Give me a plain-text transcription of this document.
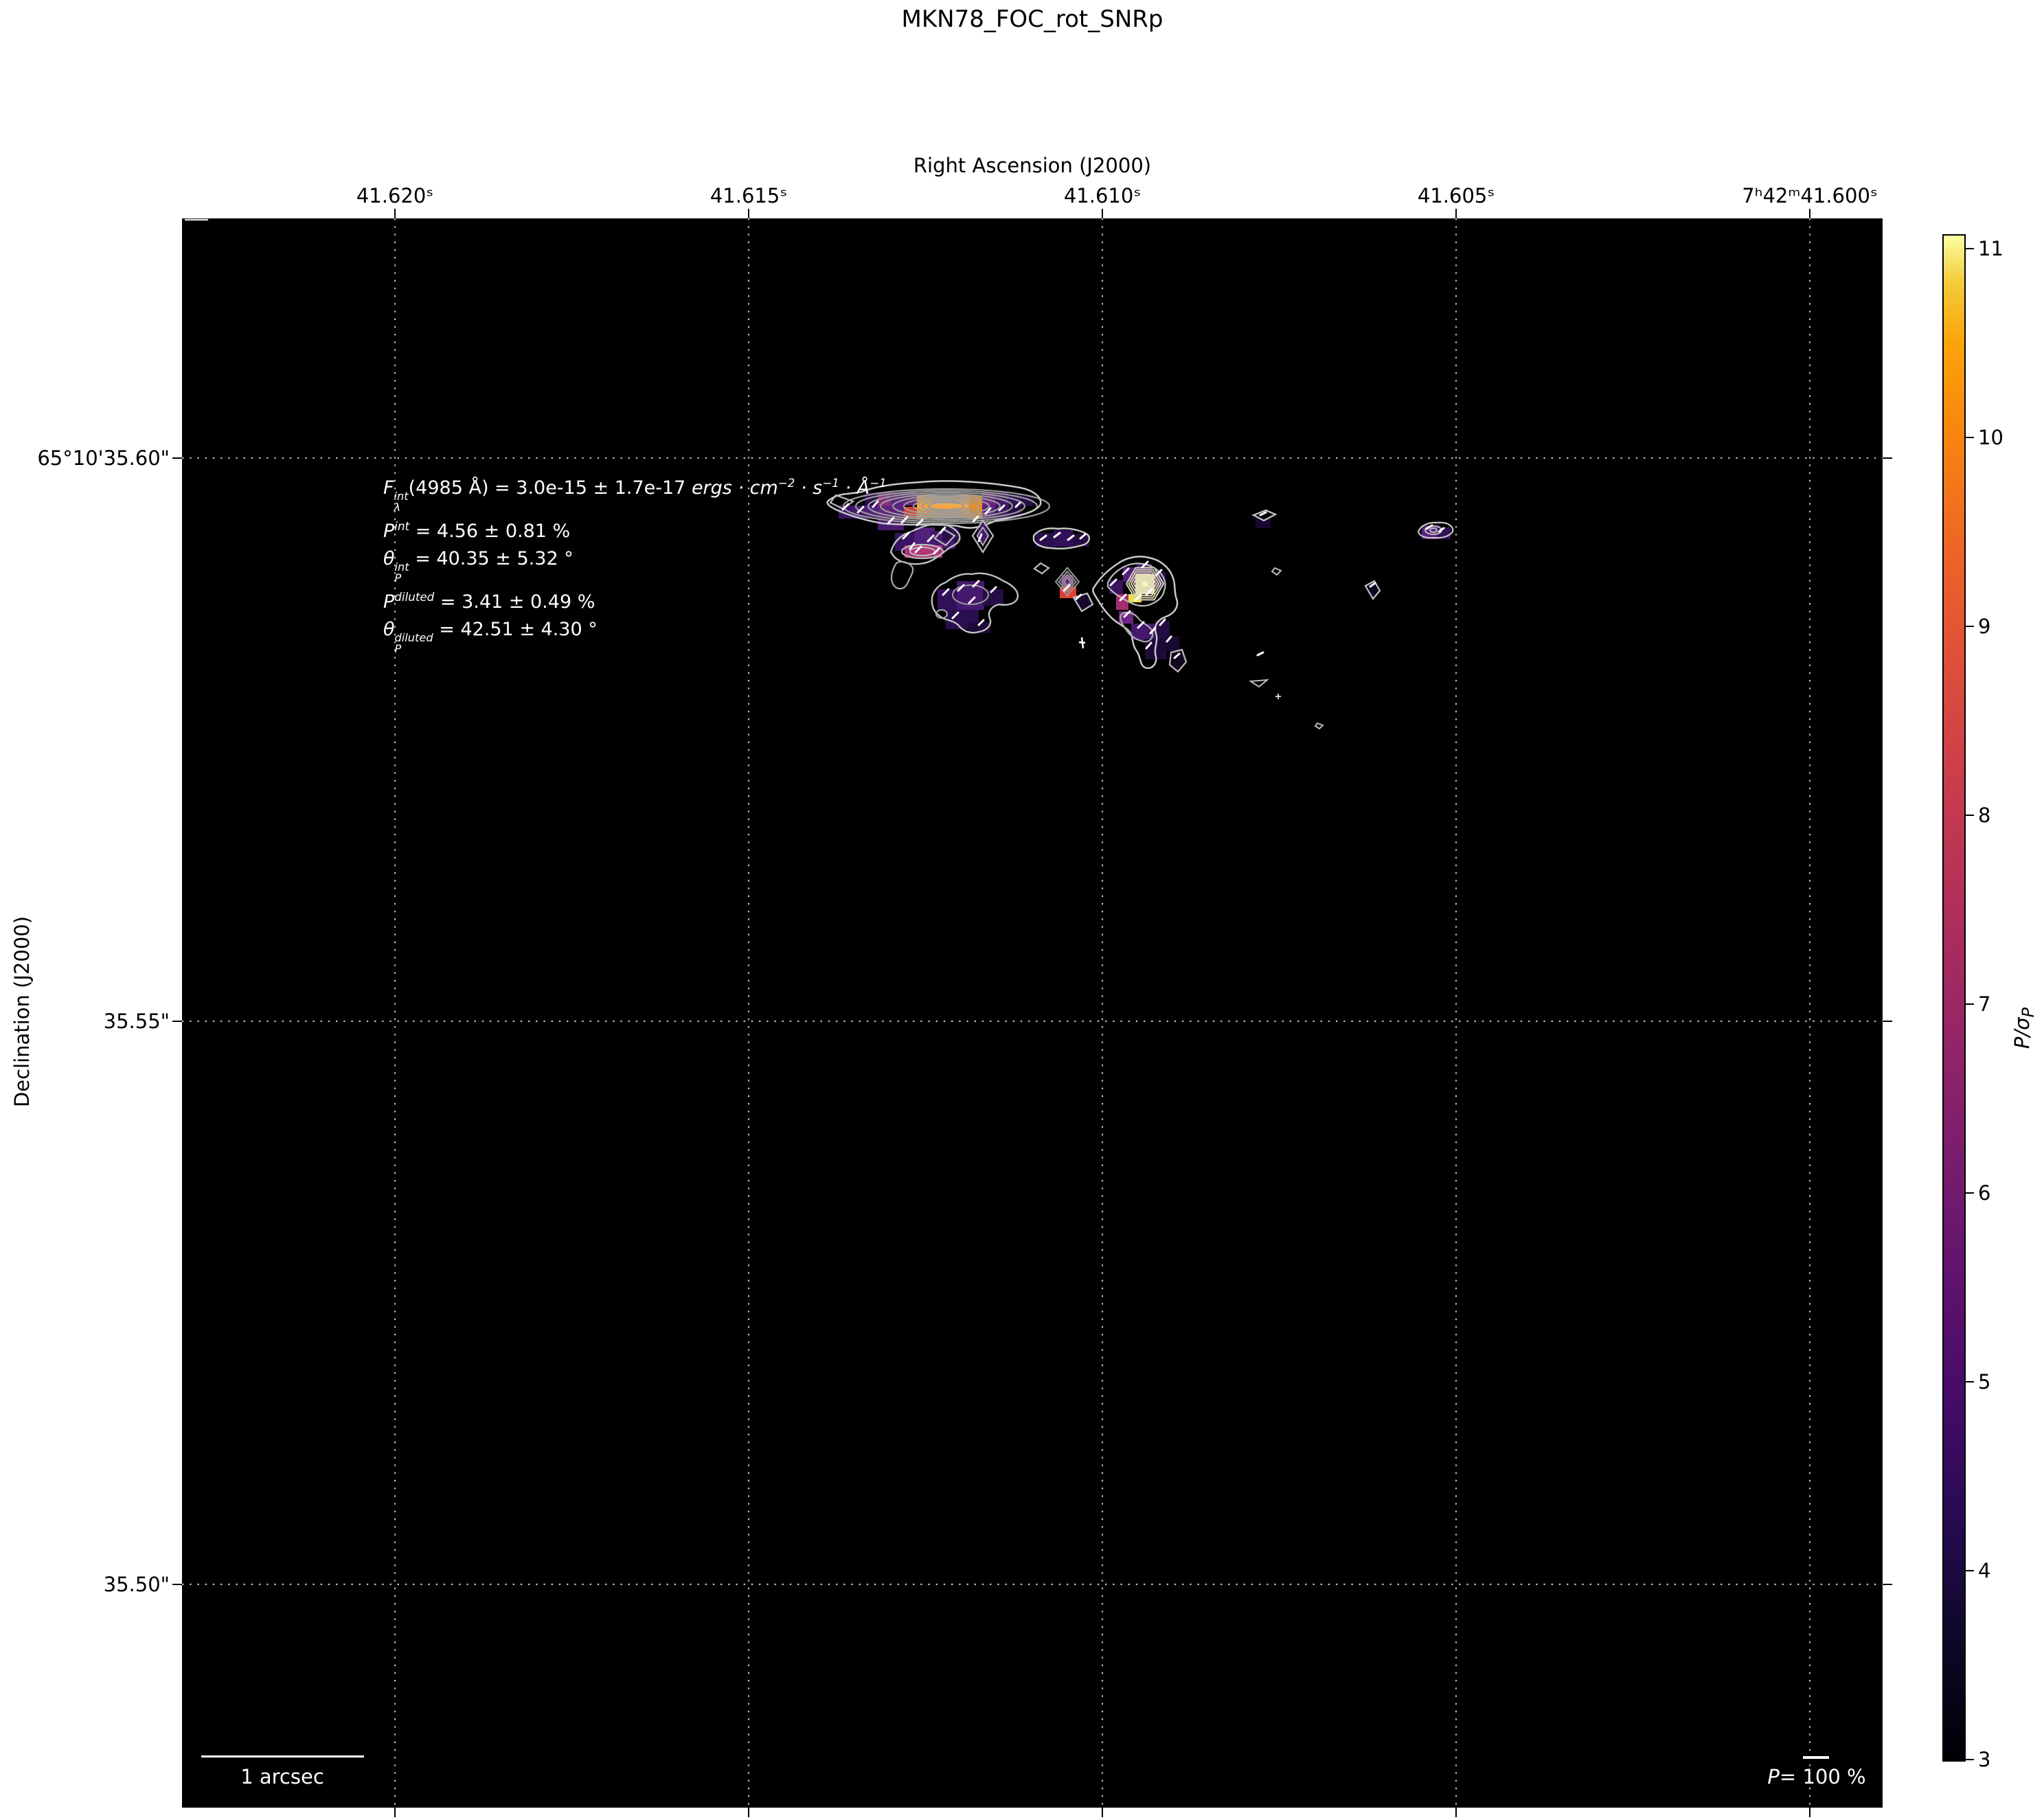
MKN78_FOC_rot_SNRp
Right Ascension (J2000)
Declination (J2000)
F int
λ
(4985 Å) = 3.0e-15 ± 1.7e-17 ergs · $cm^{-2} \cdot s^{-1}$ · $Å^{-1}$
$P^{int} = 4.56 \pm 0.81$ %
θ int
P
= 40.35 ± 5.32 °
$P^{diluted} = 3.41 \pm 0.49$ %
θ diluted
P
= 42.51 ± 4.30 °
1 arcsec	P= 100 %
$P/\sigma_P$
41.620ˢ	41.615ˢ	41.610ˢ	41.605ˢ	7ʰ42ᵐ41.600ˢ
65°10'35.60"
35.55"
35.50"
11
10
9
8
7
6
5
4
3
